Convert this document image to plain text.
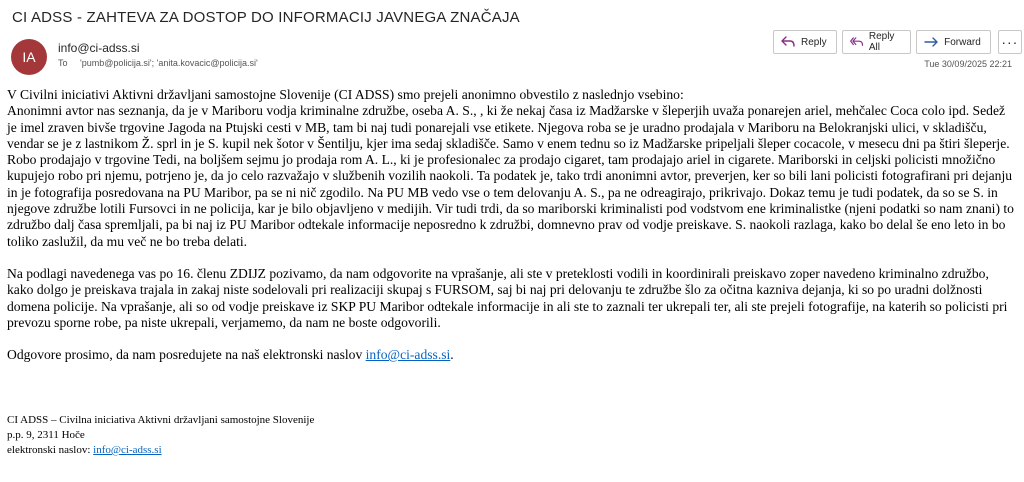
CI ADSS - ZAHTEVA ZA DOSTOP DO INFORMACIJ JAVNEGA ZNAČAJA
IA
info@ci-adss.si
To 'pumb@policija.si'; 'anita.kovacic@policija.si'
Reply	Reply All	Forward ···
Tue 30/09/2025 22:21

V Civilni iniciativi Aktivni državljani samostojne Slovenije (CI ADSS) smo prejeli anonimno obvestilo z naslednjo vsebino:

Anonimni avtor nas seznanja, da je v Mariboru vodja kriminalne združbe, oseba A. S., , ki že nekaj časa iz Madžarske v šleperjih uvaža ponarejen ariel, mehčalec Coca colo ipd. Sedež je imel zraven bivše trgovine Jagoda na Ptujski cesti v MB, tam bi naj tudi ponarejali vse etikete. Njegova roba se je uradno prodajala v Mariboru na Belokranjski ulici, v skladišču, vendar se je z lastnikom Ž. sprl in je S. kupil nek šotor v Šentilju, kjer ima sedaj skladišče. Samo v enem tednu so iz Madžarske pripeljali šleper cocacole, v mesecu dni pa štiri šleperje. Robo prodajajo v trgovine Tedi, na boljšem sejmu jo prodaja rom A. L., ki je profesionalec za prodajo cigaret, tam prodajajo ariel in cigarete. Mariborski in celjski policisti množično kupujejo robo pri njemu, potrjeno je, da jo celo razvažajo v službenih vozilih naokoli. Ta podatek je, tako trdi anonimni avtor, preverjen, ker so bili lani policisti fotografirani pri dejanju in je fotografija posredovana na PU Maribor, pa se ni nič zgodilo. Na PU MB vedo vse o tem delovanju A. S., pa ne odreagirajo, prikrivajo. Dokaz temu je tudi podatek, da so se S. in njegove združbe lotili Fursovci in ne policija, kar je bilo objavljeno v medijih. Vir tudi trdi, da so mariborski kriminalisti pod vodstvom ene kriminalistke (njeni podatki so nam znani) to združbo dalj časa spremljali, pa bi naj iz PU Maribor odtekale informacije neposredno k združbi, domnevno prav od vodje preiskave. S. naokoli razlaga, kako bo delal še eno leto in bo toliko zaslužil, da mu več ne bo treba delati.

Na podlagi navedenega vas po 16. členu ZDIJZ pozivamo, da nam odgovorite na vprašanje, ali ste v preteklosti vodili in koordinirali preiskavo zoper navedeno kriminalno združbo, kako dolgo je preiskava trajala in zakaj niste sodelovali pri realizaciji skupaj s FURSOM, saj bi naj pri delovanju te združbe šlo za očitna kazniva dejanja, ki so po uradni dolžnosti domena policije. Na vprašanje, ali so od vodje preiskave iz SKP PU Maribor odtekale informacije in ali ste to zaznali ter ukrepali ter, ali ste prejeli fotografije, na katerih so policisti pri prevozu sporne robe, pa niste ukrepali, verjamemo, da nam ne boste odgovorili.

Odgovore prosimo, da nam posredujete na naš elektronski naslov info@ci-adss.si.

CI ADSS – Civilna iniciativa Aktivni državljani samostojne Slovenije
p.p. 9, 2311 Hoče
elektronski naslov: info@ci-adss.si
